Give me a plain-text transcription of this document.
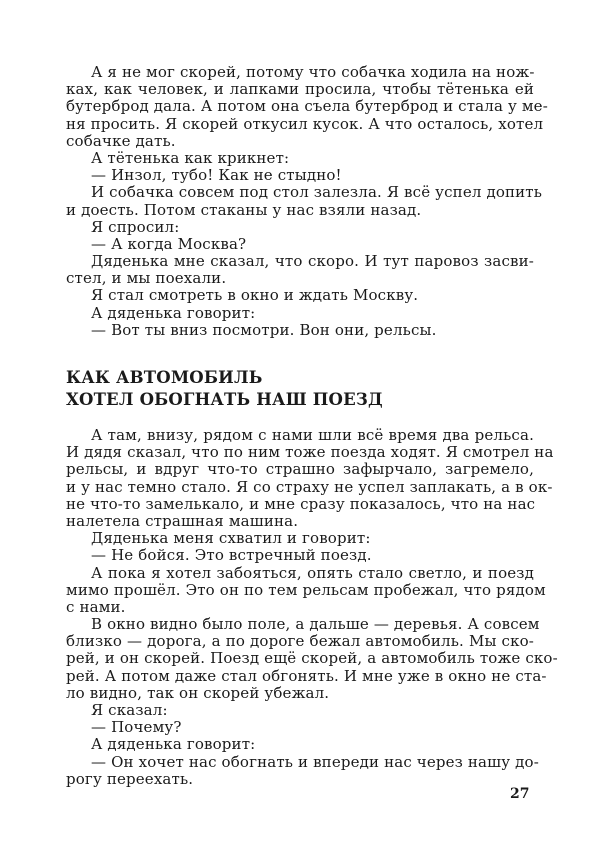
А я не мог скорей, потому что собачка ходила на нож-
ках, как человек, и лапками просила, чтобы тётенька ей
бутерброд дала. А потом она съела бутерброд и стала у ме-
ня просить. Я скорей откусил кусок. А что осталось, хотел
собачке дать.
А тётенька как крикнет:
— Инзол, тубо! Как не стыдно!
И собачка совсем под стол залезла. Я всё успел допить
и доесть. Потом стаканы у нас взяли назад.
Я спросил:
— А когда Москва?
Дяденька мне сказал, что скоро. И тут паровоз засви-
стел, и мы поехали.
Я стал смотреть в окно и ждать Москву.
А дяденька говорит:
— Вот ты вниз посмотри. Вон они, рельсы.
КАК АВТОМОБИЛЬ
ХОТЕЛ ОБОГНАТЬ НАШ ПОЕЗД
А там, внизу, рядом с нами шли всё время два рельса.
И дядя сказал, что по ним тоже поезда ходят. Я смотрел на
рельсы, и вдруг что-то страшно зафырчало, загремело,
и у нас темно стало. Я со страху не успел заплакать, а в ок-
не что-то замелькало, и мне сразу показалось, что на нас
налетела страшная машина.
Дяденька меня схватил и говорит:
— Не бойся. Это встречный поезд.
А пока я хотел забояться, опять стало светло, и поезд
мимо прошёл. Это он по тем рельсам пробежал, что рядом
с нами.
В окно видно было поле, а дальше — деревья. А совсем
близко — дорога, а по дороге бежал автомобиль. Мы ско-
рей, и он скорей. Поезд ещё скорей, а автомобиль тоже ско-
рей. А потом даже стал обгонять. И мне уже в окно не ста-
ло видно, так он скорей убежал.
Я сказал:
— Почему?
А дяденька говорит:
— Он хочет нас обогнать и впереди нас через нашу до-
рогу переехать.
27
